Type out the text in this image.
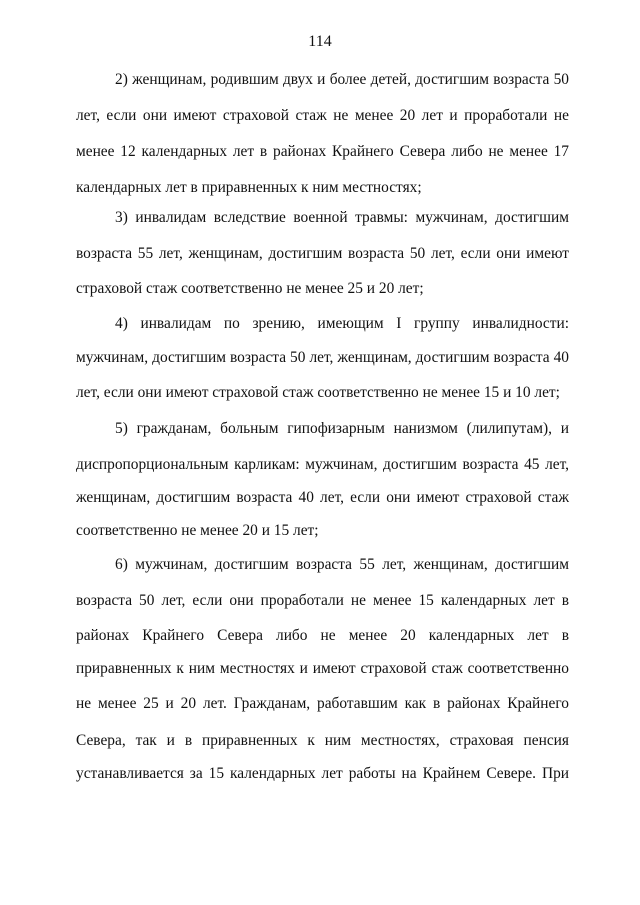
114
2) женщинам, родившим двух и более детей, достигшим возраста 50
лет, если они имеют страховой стаж не менее 20 лет и проработали не
менее 12 календарных лет в районах Крайнего Севера либо не менее 17
календарных лет в приравненных к ним местностях;
3) инвалидам вследствие военной травмы: мужчинам, достигшим
возраста 55 лет, женщинам, достигшим возраста 50 лет, если они имеют
страховой стаж соответственно не менее 25 и 20 лет;
4) инвалидам по зрению, имеющим I группу инвалидности:
мужчинам, достигшим возраста 50 лет, женщинам, достигшим возраста 40
лет, если они имеют страховой стаж соответственно не менее 15 и 10 лет;
5) гражданам, больным гипофизарным нанизмом (лилипутам), и
диспропорциональным карликам: мужчинам, достигшим возраста 45 лет,
женщинам, достигшим возраста 40 лет, если они имеют страховой стаж
соответственно не менее 20 и 15 лет;
6) мужчинам, достигшим возраста 55 лет, женщинам, достигшим
возраста 50 лет, если они проработали не менее 15 календарных лет в
районах Крайнего Севера либо не менее 20 календарных лет в
приравненных к ним местностях и имеют страховой стаж соответственно
не менее 25 и 20 лет. Гражданам, работавшим как в районах Крайнего
Севера, так и в приравненных к ним местностях, страховая пенсия
устанавливается за 15 календарных лет работы на Крайнем Севере. При
